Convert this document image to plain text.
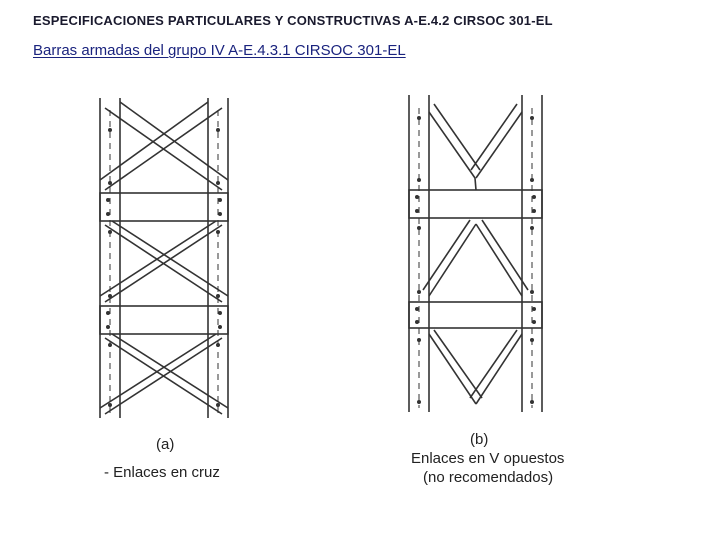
ESPECIFICACIONES PARTICULARES Y CONSTRUCTIVAS A-E.4.2 CIRSOC 301-EL
Barras armadas del grupo IV A-E.4.3.1 CIRSOC 301-EL
(a)
- Enlaces en cruz
(b)
Enlaces en V opuestos
(no recomendados)
